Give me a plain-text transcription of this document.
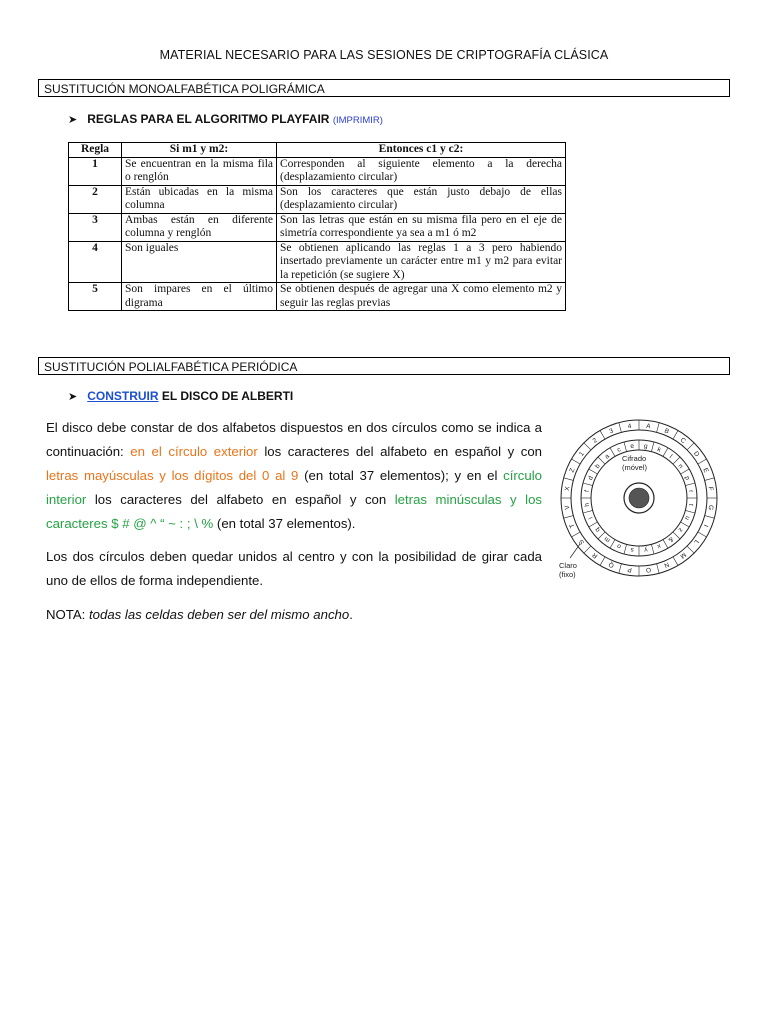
MATERIAL NECESARIO PARA LAS SESIONES DE CRIPTOGRAFÍA CLÁSICA
SUSTITUCIÓN MONOALFABÉTICA POLIGRÁMICA
➤ REGLAS PARA EL ALGORITMO PLAYFAIR (IMPRIMIR)
Regla	Si m1 y m2:	Entonces c1 y c2:
1	Se encuentran en la misma fila o renglón	Corresponden al siguiente elemento a la derecha (desplazamiento circular)
2	Están ubicadas en la misma columna	Son los caracteres que están justo debajo de ellas (desplazamiento circular)
3	Ambas están en diferente columna y renglón	Son las letras que están en su misma fila pero en el eje de simetría correspondiente ya sea a m1 ó m2
4	Son iguales	Se obtienen aplicando las reglas 1 a 3 pero habiendo insertado previamente un carácter entre m1 y m2 para evitar la repetición (se sugiere X)
5	Son impares en el último digrama	Se obtienen después de agregar una X como elemento m2 y seguir las reglas previas
SUSTITUCIÓN POLIALFABÉTICA PERIÓDICA
➤ CONSTRUIR EL DISCO DE ALBERTI
El disco debe constar de dos alfabetos dispuestos en dos círculos como se indica a continuación: en el círculo exterior los caracteres del alfabeto en español y con letras mayúsculas y los dígitos del 0 al 9 (en total 37 elementos); y en el círculo interior los caracteres del alfabeto en español y con letras minúsculas y los caracteres $ # @ ^ “ ~ : ; \ % (en total 37 elementos).
Los dos círculos deben quedar unidos al centro y con la posibilidad de girar cada uno de ellos de forma independiente.
NOTA: todas las celdas deben ser del mismo ancho.
A
B
C
D
E
F
G
I
L
M
N
O
P
Q
R
S
T
V
X
Z
1
2
3
4
g k
l
n
p
r
t
u
z
&
x
y
s
o
m
q
i
h
f
d
b
a
c e
Cifrado
(móvel)
Claro
(fixo)
